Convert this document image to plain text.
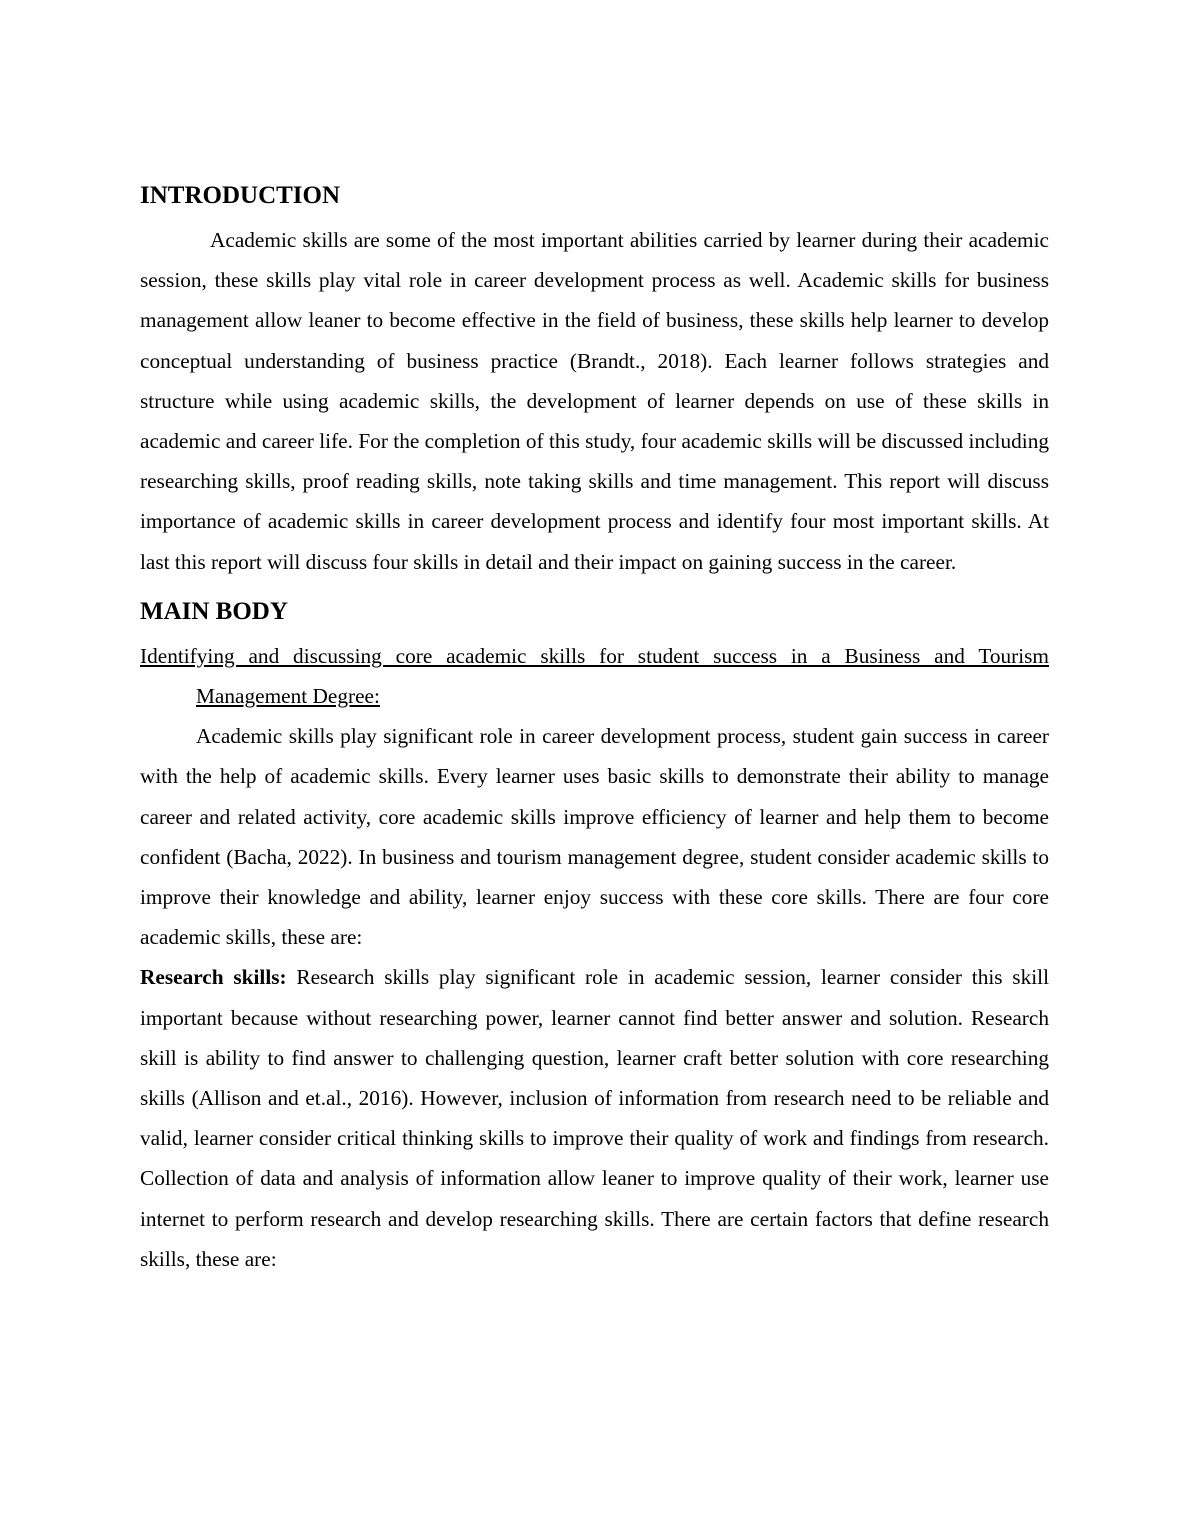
INTRODUCTION

Academic skills are some of the most important abilities carried by learner during their academic session, these skills play vital role in career development process as well. Academic skills for business management allow leaner to become effective in the field of business, these skills help learner to develop conceptual understanding of business practice (Brandt., 2018). Each learner follows strategies and structure while using academic skills, the development of learner depends on use of these skills in academic and career life. For the completion of this study, four academic skills will be discussed including researching skills, proof reading skills, note taking skills and time management. This report will discuss importance of academic skills in career development process and identify four most important skills. At last this report will discuss four skills in detail and their impact on gaining success in the career.

MAIN BODY

Identifying and discussing core academic skills for student success in a Business and Tourism Management Degree:

Academic skills play significant role in career development process, student gain success in career with the help of academic skills. Every learner uses basic skills to demonstrate their ability to manage career and related activity, core academic skills improve efficiency of learner and help them to become confident (Bacha, 2022). In business and tourism management degree, student consider academic skills to improve their knowledge and ability, learner enjoy success with these core skills. There are four core academic skills, these are:

Research skills: Research skills play significant role in academic session, learner consider this skill important because without researching power, learner cannot find better answer and solution. Research skill is ability to find answer to challenging question, learner craft better solution with core researching skills (Allison and et.al., 2016). However, inclusion of information from research need to be reliable and valid, learner consider critical thinking skills to improve their quality of work and findings from research. Collection of data and analysis of information allow leaner to improve quality of their work, learner use internet to perform research and develop researching skills. There are certain factors that define research skills, these are:
